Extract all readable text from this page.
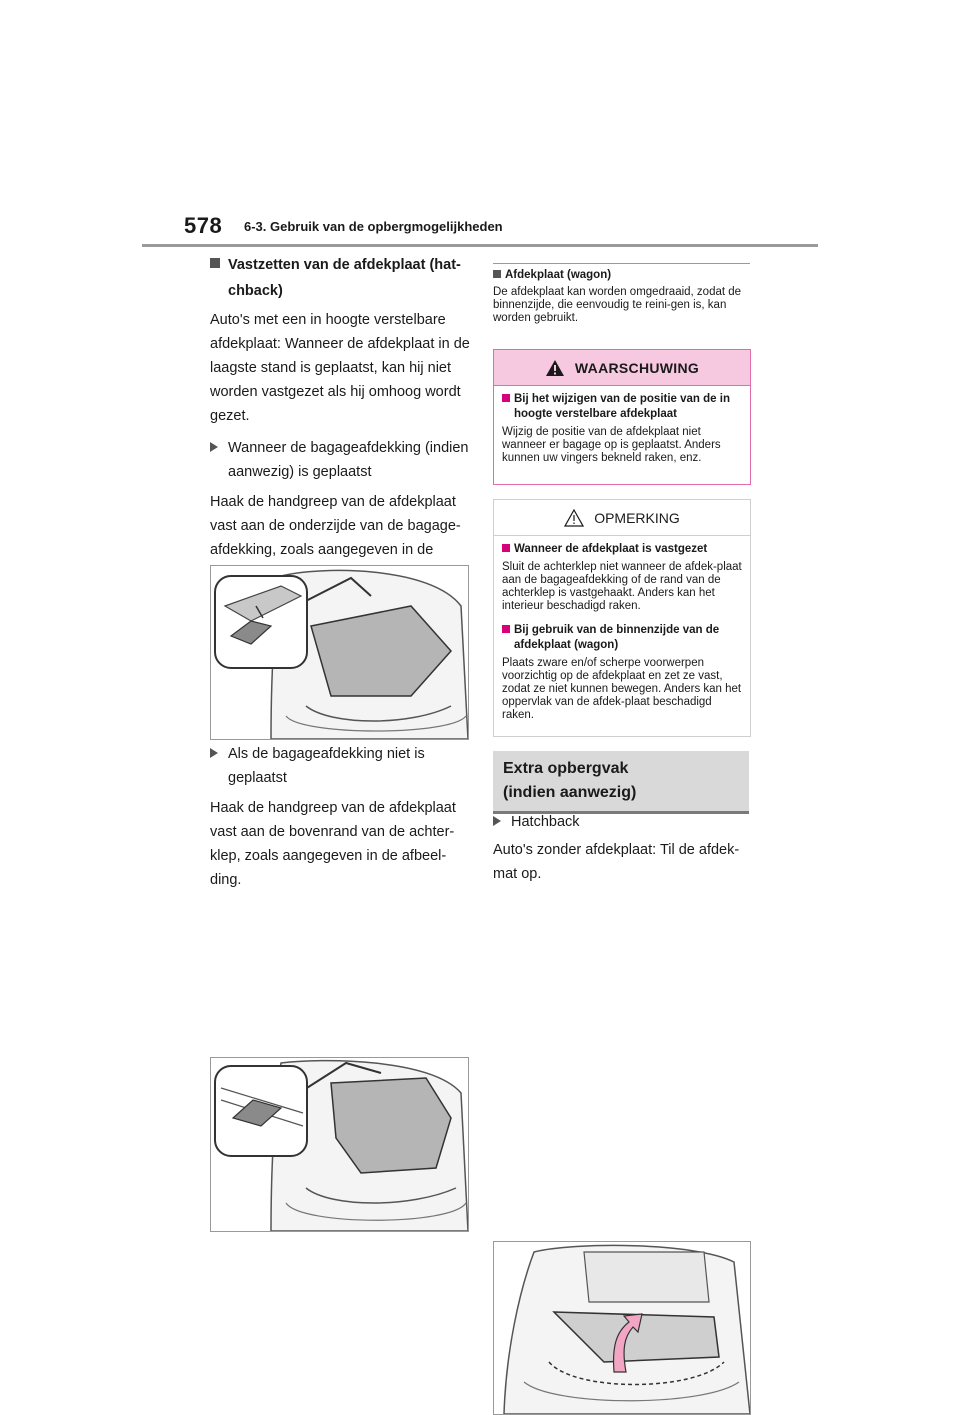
578 6-3. Gebruik van de opbergmogelijkheden
Vastzetten van de afdekplaat (hat-chback)

Auto's met een in hoogte verstelbare afdekplaat: Wanneer de afdekplaat in de laagste stand is geplaatst, kan hij niet worden vastgezet als hij omhoog wordt gezet.

Wanneer de bagageafdekking (indien aanwezig) is geplaatst

Haak de handgreep van de afdekplaat vast aan de onderzijde van de bagage-afdekking, zoals aangegeven in de

Als de bagageafdekking niet is geplaatst

Haak de handgreep van de afdekplaat vast aan de bovenrand van de achter-klep, zoals aangegeven in de afbeel-ding.

Afdekplaat (wagon)

De afdekplaat kan worden omgedraaid, zodat de binnenzijde, die eenvoudig te reini-gen is, kan worden gebruikt.

WAARSCHUWING
Bij het wijzigen van de positie van de in hoogte verstelbare afdekplaat

Wijzig de positie van de afdekplaat niet wanneer er bagage op is geplaatst. Anders kunnen uw vingers bekneld raken, enz.

OPMERKING
Wanneer de afdekplaat is vastgezet

Sluit de achterklep niet wanneer de afdek-plaat aan de bagageafdekking of de rand van de achterklep is vastgehaakt. Anders kan het interieur beschadigd raken.

Bij gebruik van de binnenzijde van de afdekplaat (wagon)

Plaats zware en/of scherpe voorwerpen voorzichtig op de afdekplaat en zet ze vast, zodat ze niet kunnen bewegen. Anders kan het oppervlak van de afdek-plaat beschadigd raken.

Extra opbergvak
(indien aanwezig)
Hatchback

Auto's zonder afdekplaat: Til de afdek-mat op.
